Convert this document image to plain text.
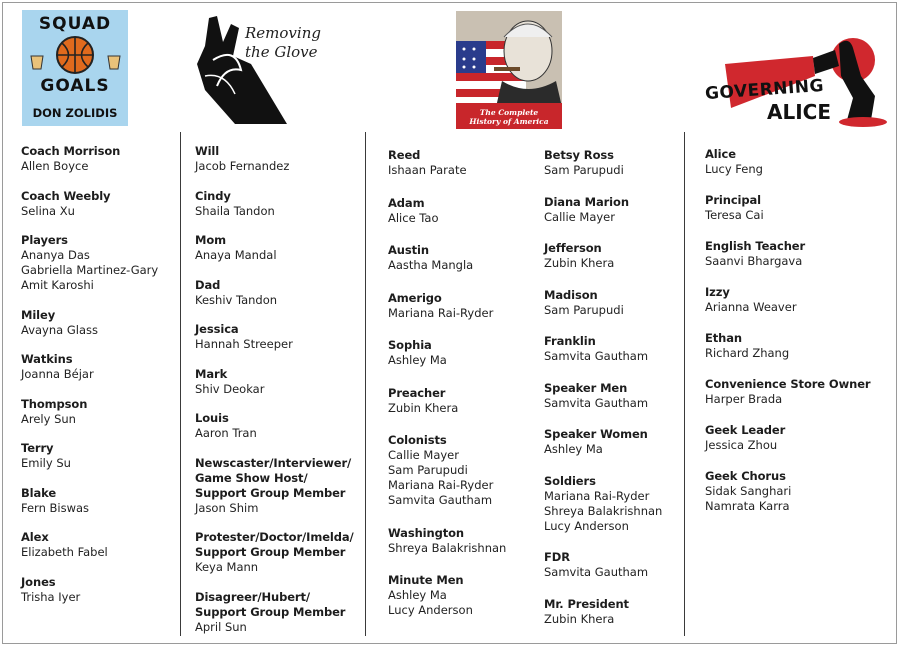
SQUAD
GOALS
DON ZOLIDIS
Removing
the Glove
The Complete
History of America
GOVERNING
ALICE
Coach Morrison
Allen Boyce
Coach Weebly
Selina Xu
Players
Ananya Das
Gabriella Martinez-Gary
Amit Karoshi
Miley
Avayna Glass
Watkins
Joanna Béjar
Thompson
Arely Sun
Terry
Emily Su
Blake
Fern Biswas
Alex
Elizabeth Fabel
Jones
Trisha Iyer
Will
Jacob Fernandez
Cindy
Shaila Tandon
Mom
Anaya Mandal
Dad
Keshiv Tandon
Jessica
Hannah Streeper
Mark
Shiv Deokar
Louis
Aaron Tran
Newscaster/Interviewer/
Game Show Host/
Support Group Member
Jason Shim
Protester/Doctor/Imelda/
Support Group Member
Keya Mann
Disagreer/Hubert/
Support Group Member
April Sun
Reed
Ishaan Parate
Adam
Alice Tao
Austin
Aastha Mangla
Amerigo
Mariana Rai-Ryder
Sophia
Ashley Ma
Preacher
Zubin Khera
Colonists
Callie Mayer
Sam Parupudi
Mariana Rai-Ryder
Samvita Gautham
Washington
Shreya Balakrishnan
Minute Men
Ashley Ma
Lucy Anderson
Betsy Ross
Sam Parupudi
Diana Marion
Callie Mayer
Jefferson
Zubin Khera
Madison
Sam Parupudi
Franklin
Samvita Gautham
Speaker Men
Samvita Gautham
Speaker Women
Ashley Ma
Soldiers
Mariana Rai-Ryder
Shreya Balakrishnan
Lucy Anderson
FDR
Samvita Gautham
Mr. President
Zubin Khera
Alice
Lucy Feng
Principal
Teresa Cai
English Teacher
Saanvi Bhargava
Izzy
Arianna Weaver
Ethan
Richard Zhang
Convenience Store Owner
Harper Brada
Geek Leader
Jessica Zhou
Geek Chorus
Sidak Sanghari
Namrata Karra
